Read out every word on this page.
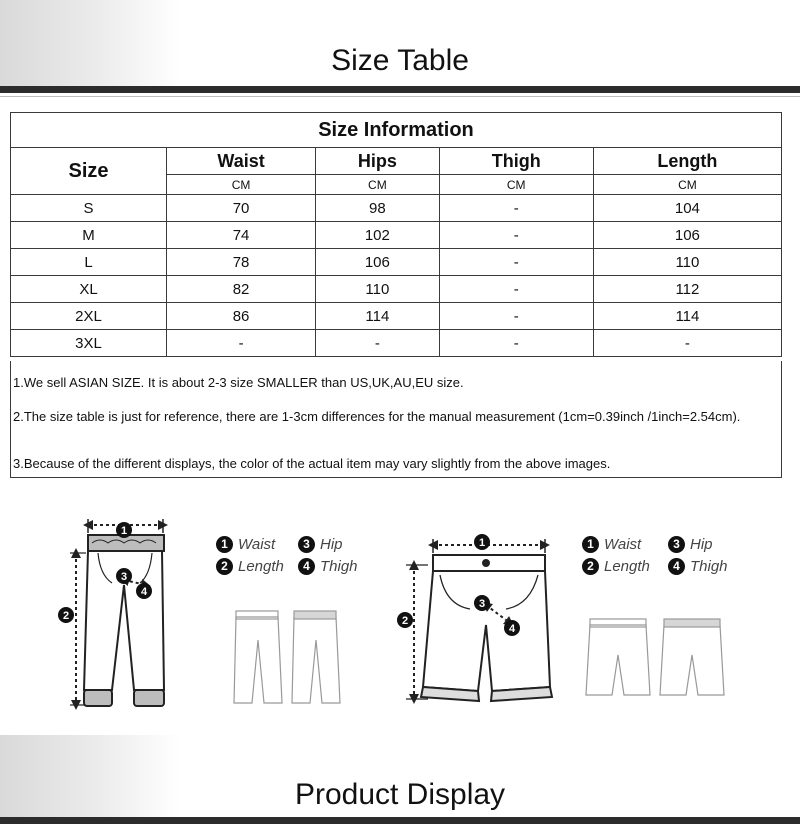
Size Table
Size Information				
Size	Waist	Hips	Thigh	Length
	CM	CM	CM	CM
S	70	98	-	104
M	74	102	-	106
L	78	106	-	110
XL	82	110	-	112
2XL	86	114	-	114
3XL	-	-	-	-

1.We sell ASIAN SIZE. It is about 2-3 size SMALLER than US,UK,AU,EU size.

2.The size table is just for reference, there are 1-3cm differences for the manual measurement (1cm=0.39inch /1inch=2.54cm).

3.Because of the different displays, the color of the actual item may vary slightly from the above images.

1
2
3
4
1
2
3
4
1 Waist	3 Hip
2 Length	4 Thigh
1 Waist	3 Hip
2 Length	4 Thigh
Product Display
